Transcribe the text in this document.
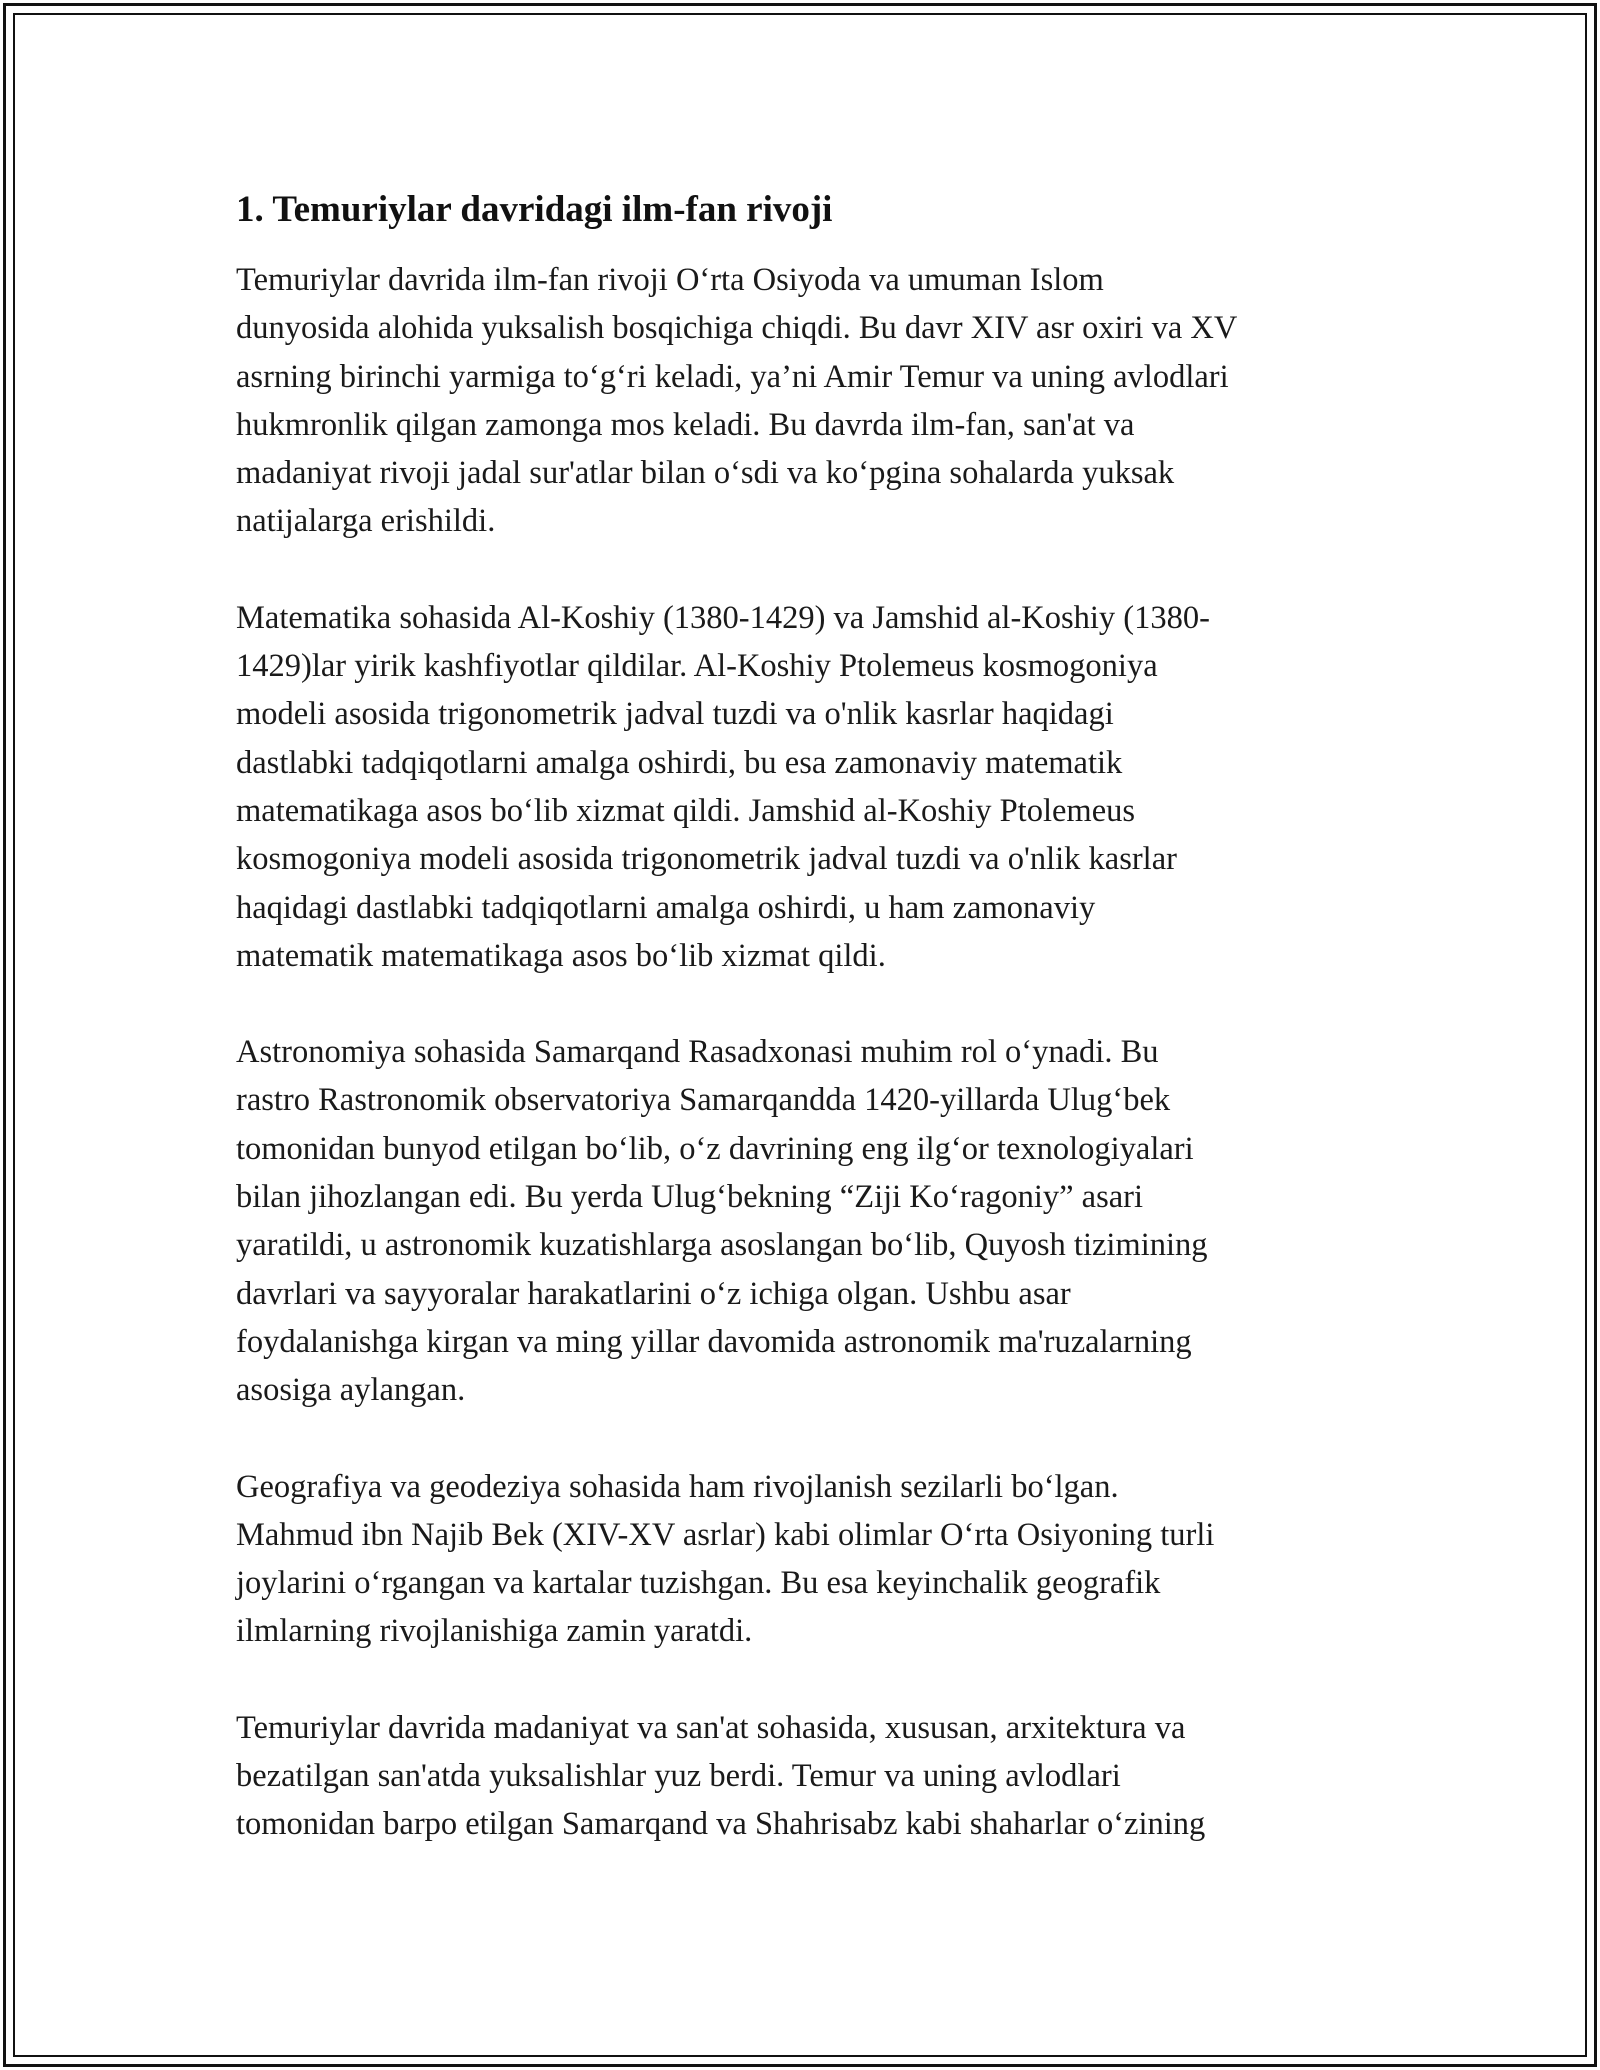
1. Temuriylar davridagi ilm-fan rivoji

Temuriylar davrida ilm-fan rivoji O‘rta Osiyoda va umuman Islom
dunyosida alohida yuksalish bosqichiga chiqdi. Bu davr XIV asr oxiri va XV
asrning birinchi yarmiga to‘g‘ri keladi, ya’ni Amir Temur va uning avlodlari
hukmronlik qilgan zamonga mos keladi. Bu davrda ilm-fan, san'at va
madaniyat rivoji jadal sur'atlar bilan o‘sdi va ko‘pgina sohalarda yuksak
natijalarga erishildi.

Matematika sohasida Al-Koshiy (1380-1429) va Jamshid al-Koshiy (1380-
1429)lar yirik kashfiyotlar qildilar. Al-Koshiy Ptolemeus kosmogoniya
modeli asosida trigonometrik jadval tuzdi va o'nlik kasrlar haqidagi
dastlabki tadqiqotlarni amalga oshirdi, bu esa zamonaviy matematik
matematikaga asos bo‘lib xizmat qildi. Jamshid al-Koshiy Ptolemeus
kosmogoniya modeli asosida trigonometrik jadval tuzdi va o'nlik kasrlar
haqidagi dastlabki tadqiqotlarni amalga oshirdi, u ham zamonaviy
matematik matematikaga asos bo‘lib xizmat qildi.

Astronomiya sohasida Samarqand Rasadxonasi muhim rol o‘ynadi. Bu
rastro Rastronomik observatoriya Samarqandda 1420-yillarda Ulug‘bek
tomonidan bunyod etilgan bo‘lib, o‘z davrining eng ilg‘or texnologiyalari
bilan jihozlangan edi. Bu yerda Ulug‘bekning “Ziji Ko‘ragoniy” asari
yaratildi, u astronomik kuzatishlarga asoslangan bo‘lib, Quyosh tizimining
davrlari va sayyoralar harakatlarini o‘z ichiga olgan. Ushbu asar
foydalanishga kirgan va ming yillar davomida astronomik ma'ruzalarning
asosiga aylangan.

Geografiya va geodeziya sohasida ham rivojlanish sezilarli bo‘lgan.
Mahmud ibn Najib Bek (XIV-XV asrlar) kabi olimlar O‘rta Osiyoning turli
joylarini o‘rgangan va kartalar tuzishgan. Bu esa keyinchalik geografik
ilmlarning rivojlanishiga zamin yaratdi.

Temuriylar davrida madaniyat va san'at sohasida, xususan, arxitektura va
bezatilgan san'atda yuksalishlar yuz berdi. Temur va uning avlodlari
tomonidan barpo etilgan Samarqand va Shahrisabz kabi shaharlar o‘zining
